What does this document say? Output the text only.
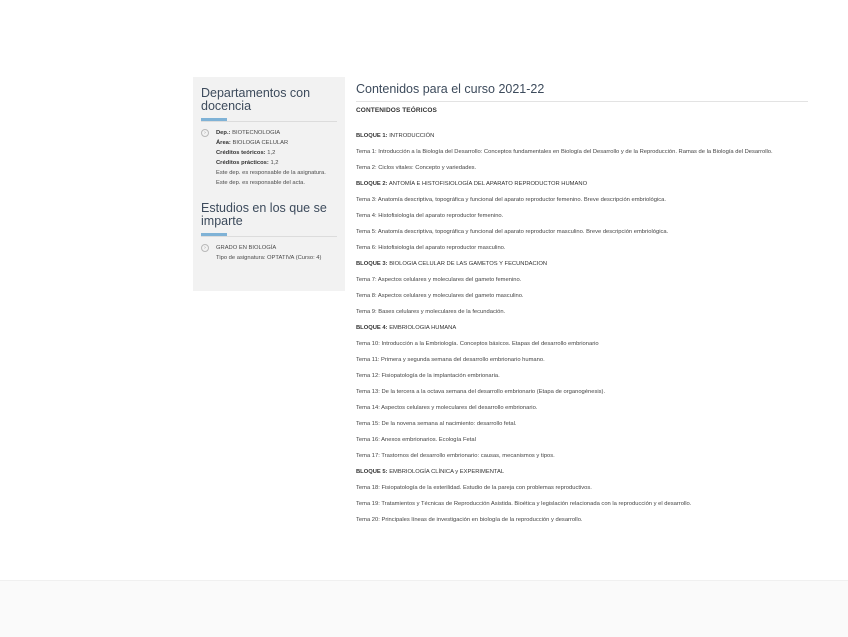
Departamentos con docencia
›	Dep.: BIOTECNOLOGIA
Área: BIOLOGIA CELULAR
Créditos teóricos: 1,2
Créditos prácticos: 1,2
Este dep. es responsable de la asignatura.
Este dep. es responsable del acta.
Estudios en los que se imparte
›	GRADO EN BIOLOGÍA
Tipo de asignatura: OPTATIVA (Curso: 4)
Contenidos para el curso 2021-22
CONTENIDOS TEÓRICOS
BLOQUE 1: INTRODUCCIÓN
Tema 1: Introducción a la Biología del Desarrollo: Conceptos fundamentales en Biología del Desarrollo y de la Reproducción. Ramas de la Biología del Desarrollo.
Tema 2: Ciclos vitales: Concepto y variedades.
BLOQUE 2: ANTOMÍA E HISTOFISIOLOGÍA DEL APARATO REPRODUCTOR HUMANO
Tema 3: Anatomía descriptiva, topográfica y funcional del aparato reproductor femenino. Breve descripción embriológica.
Tema 4: Histofisiología del aparato reproductor femenino.
Tema 5: Anatomía descriptiva, topográfica y funcional del aparato reproductor masculino. Breve descripción embriológica.
Tema 6: Histofisiología del aparato reproductor masculino.
BLOQUE 3: BIOLOGIA CELULAR DE LAS GAMETOS Y FECUNDACION
Tema 7: Aspectos celulares y moleculares del gameto femenino.
Tema 8: Aspectos celulares y moleculares del gameto masculino.
Tema 9: Bases celulares y moleculares de la fecundación.
BLOQUE 4: EMBRIOLOGIA HUMANA
Tema 10: Introducción a la Embriología. Conceptos básicos. Etapas del desarrollo embrionario
Tema 11: Primera y segunda semana del desarrollo embrionario humano.
Tema 12: Fisiopatología de la implantación embrionaria.
Tema 13: De la tercera a la octava semana del desarrollo embrionario (Etapa de organogénesis).
Tema 14: Aspectos celulares y moleculares del desarrollo embrionario.
Tema 15: De la novena semana al nacimiento: desarrollo fetal.
Tema 16: Anexos embrionarios. Ecología Fetal
Tema 17: Trastornos del desarrollo embrionario: causas, mecanismos y tipos.
BLOQUE 5: EMBRIOLOGÍA CLÍNICA y EXPERIMENTAL
Tema 18: Fisiopatología de la esterilidad. Estudio de la pareja con problemas reproductivos.
Tema 19: Tratamientos y Técnicas de Reproducción Asistida. Bioética y legislación relacionada con la reproducción y el desarrollo.
Tema 20: Principales líneas de investigación en biología de la reproducción y desarrollo.
